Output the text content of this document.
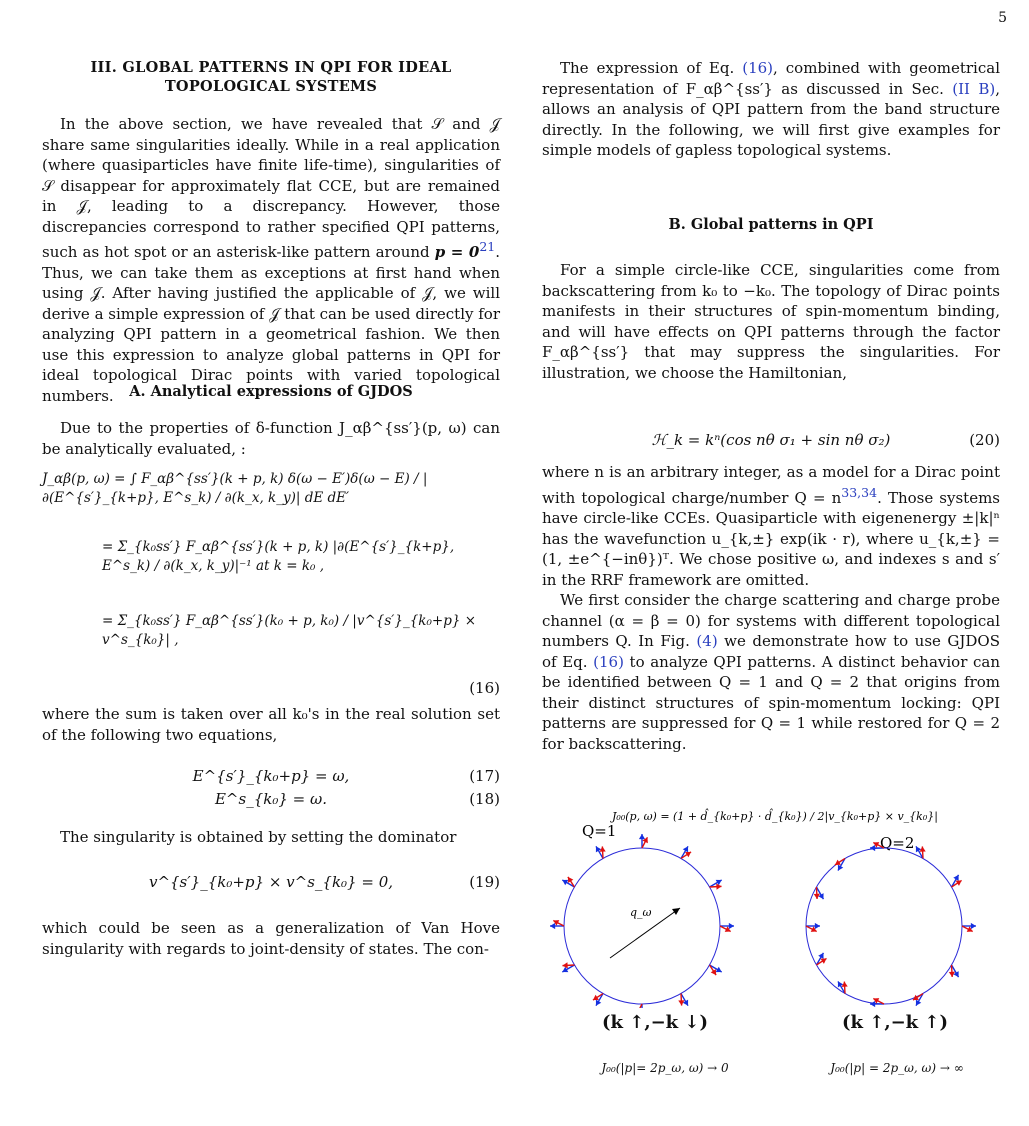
5
III. GLOBAL PATTERNS IN QPI FOR IDEAL
TOPOLOGICAL SYSTEMS

In the above section, we have revealed that 𝒮 and 𝒥 share same singularities ideally. While in a real application (where quasiparticles have finite life-time), singularities of 𝒮 disappear for approximately flat CCE, but are remained in 𝒥, leading to a discrepancy. However, those discrepancies correspond to rather specified QPI patterns, such as hot spot or an asterisk-like pattern around p = 0$^{21}$. Thus, we can take them as exceptions at first hand when using 𝒥. After having justified the applicable of 𝒥, we will derive a simple expression of 𝒥 that can be used directly for analyzing QPI pattern in a geometrical fashion. We then use this expression to analyze global patterns in QPI for ideal topological Dirac points with varied topological numbers.	A. Analytical expressions of GJDOS

Due to the properties of δ-function J_αβ^{ss′}(p, ω) can be analytically evaluated, :

J_αβ(p, ω) = ∫ F_αβ^{ss′}(k + p, k) δ(ω − E′)δ(ω − E) / |∂(E^{s′}_{k+p}, E^s_k) / ∂(k_x, k_y)| dE dE′
= Σ_{k₀ss′} F_αβ^{ss′}(k + p, k) |∂(E^{s′}_{k+p}, E^s_k) / ∂(k_x, k_y)|⁻¹ at k = k₀ ,
= Σ_{k₀ss′} F_αβ^{ss′}(k₀ + p, k₀) / |v^{s′}_{k₀+p} × v^s_{k₀}| ,
(16)

where the sum is taken over all k₀'s in the real solution set of the following two equations,

E^{s′}_{k₀+p} = ω,	(17)
E^s_{k₀} = ω.	(18)

The singularity is obtained by setting the dominator

v^{s′}_{k₀+p} × v^s_{k₀} = 0,	(19)

which could be seen as a generalization of Van Hove singularity with regards to joint-density of states. The con-

The expression of Eq. (16), combined with geometrical representation of F_αβ^{ss′} as discussed in Sec. (II B), allows an analysis of QPI pattern from the band structure directly. In the following, we will first give examples for simple models of gapless topological systems.

B. Global patterns in QPI

For a simple circle-like CCE, singularities come from backscattering from k₀ to −k₀. The topology of Dirac points manifests in their structures of spin-momentum binding, and will have effects on QPI patterns through the factor F_αβ^{ss′} that may suppress the singularities. For illustration, we choose the Hamiltonian,

ℋ_k = kⁿ(cos nθ σ₁ + sin nθ σ₂)	(20)

where n is an arbitrary integer, as a model for a Dirac point with topological charge/number Q = n$^{33,34}$. Those systems have circle-like CCEs. Quasiparticle with eigenenergy ±|k|ⁿ has the wavefunction u_{k,±} exp(ik · r), where u_{k,±} = (1, ±e^{−inθ})ᵀ. We chose positive ω, and indexes s and s′ in the RRF framework are omitted.

We first consider the charge scattering and charge probe channel (α = β = 0) for systems with different topological numbers Q. In Fig. (4) we demonstrate how to use GJDOS of Eq. (16) to analyze QPI patterns. A distinct behavior can be identified between Q = 1 and Q = 2 that origins from their distinct structures of spin-momentum locking: QPI patterns are suppressed for Q = 1 while restored for Q = 2 for backscattering.

J₀₀(p, ω) = (1 + d̂_{k₀+p} · d̂_{k₀}) / 2|v_{k₀+p} × v_{k₀}|
Q=1
Q=2
q_ω
(k ↑,−k ↓)	(k ↑,−k ↑)
J₀₀(|p|= 2p_ω, ω) → 0	J₀₀(|p| = 2p_ω, ω) → ∞
